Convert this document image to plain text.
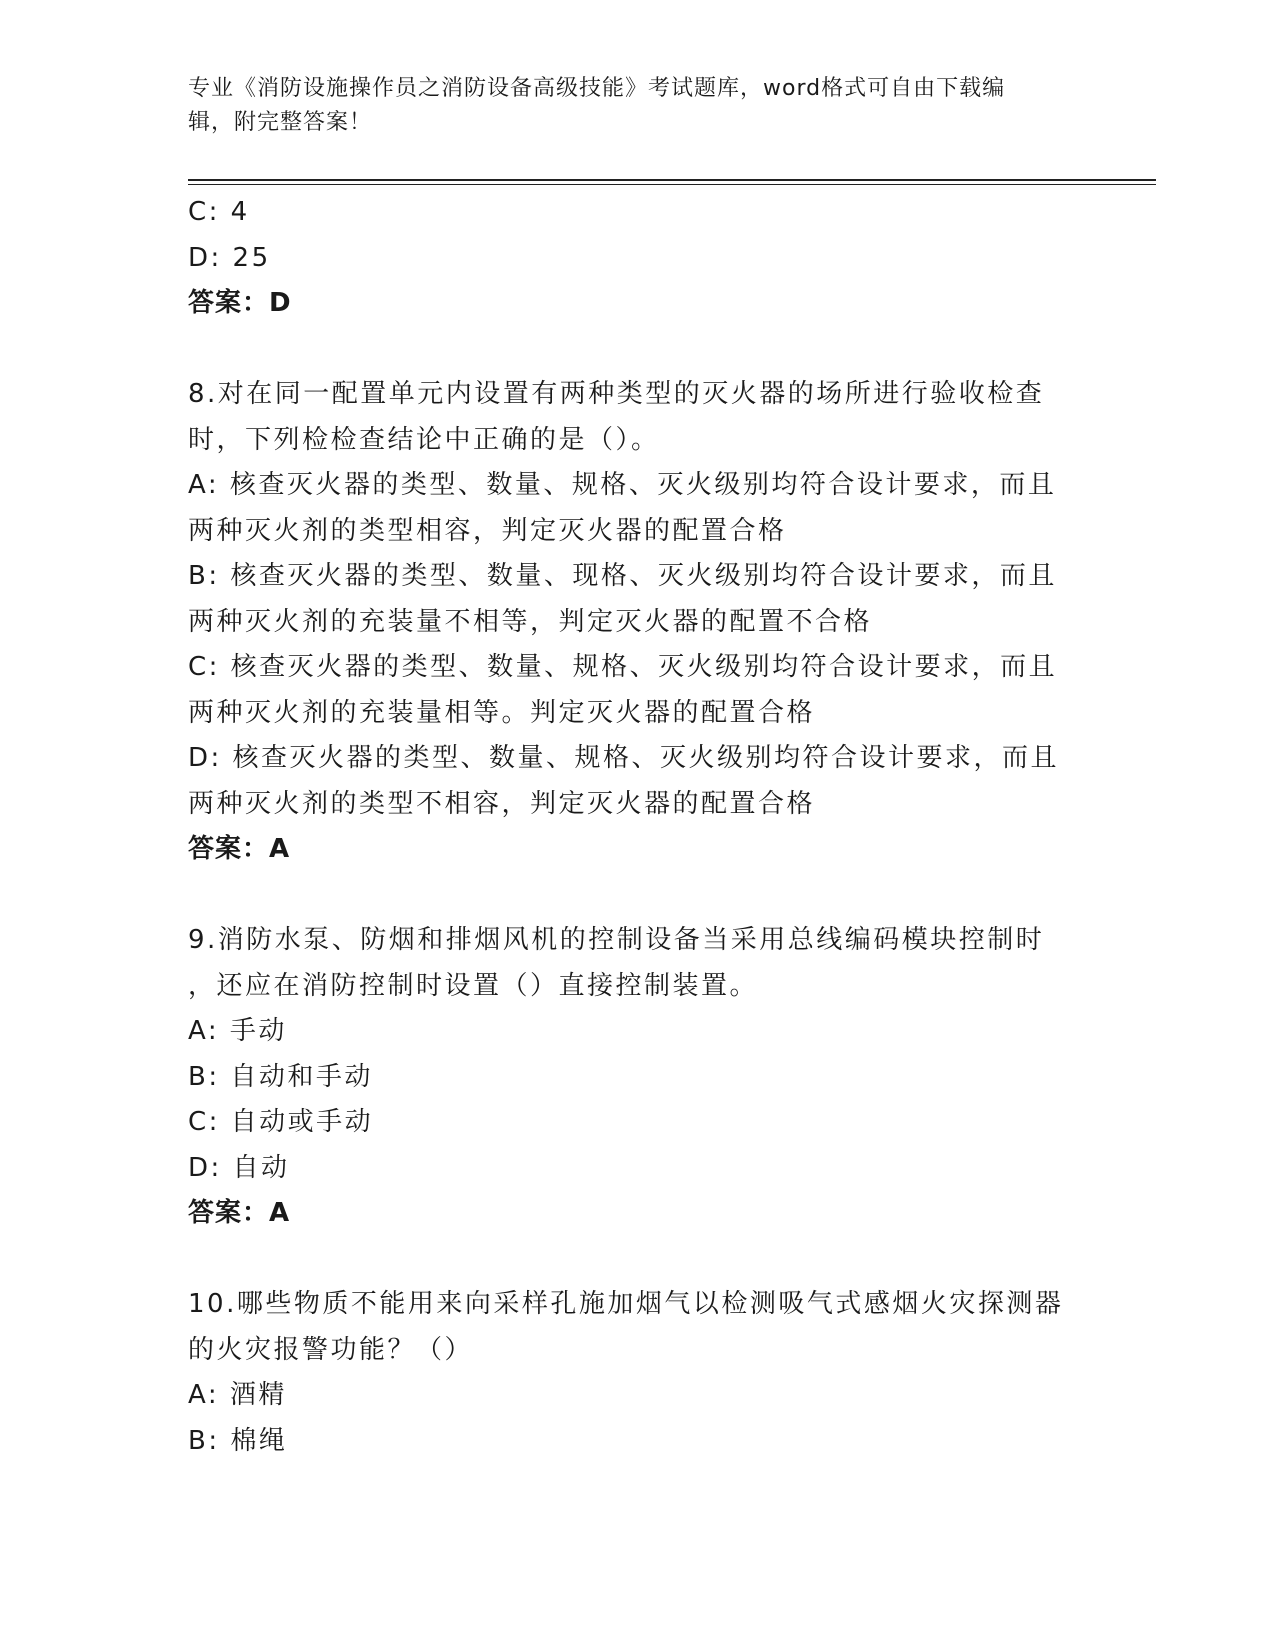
专业《消防设施操作员之消防设备高级技能》考试题库，word格式可自由下载编
辑，附完整答案！
C: 4
D: 25
答案：D
8.对在同一配置单元内设置有两种类型的灭火器的场所进行验收检查
时，下列检检查结论中正确的是（）。
A: 核查灭火器的类型、数量、规格、灭火级别均符合设计要求，而且
两种灭火剂的类型相容，判定灭火器的配置合格
B: 核查灭火器的类型、数量、现格、灭火级别均符合设计要求，而且
两种灭火剂的充装量不相等，判定灭火器的配置不合格
C: 核查灭火器的类型、数量、规格、灭火级别均符合设计要求，而且
两种灭火剂的充装量相等。判定灭火器的配置合格
D: 核查灭火器的类型、数量、规格、灭火级别均符合设计要求，而且
两种灭火剂的类型不相容，判定灭火器的配置合格
答案：A
9.消防水泵、防烟和排烟风机的控制设备当采用总线编码模块控制时
，还应在消防控制时设置（）直接控制装置。
A: 手动
B: 自动和手动
C: 自动或手动
D: 自动
答案：A
10.哪些物质不能用来向采样孔施加烟气以检测吸气式感烟火灾探测器
的火灾报警功能？（）
A: 酒精
B: 棉绳
